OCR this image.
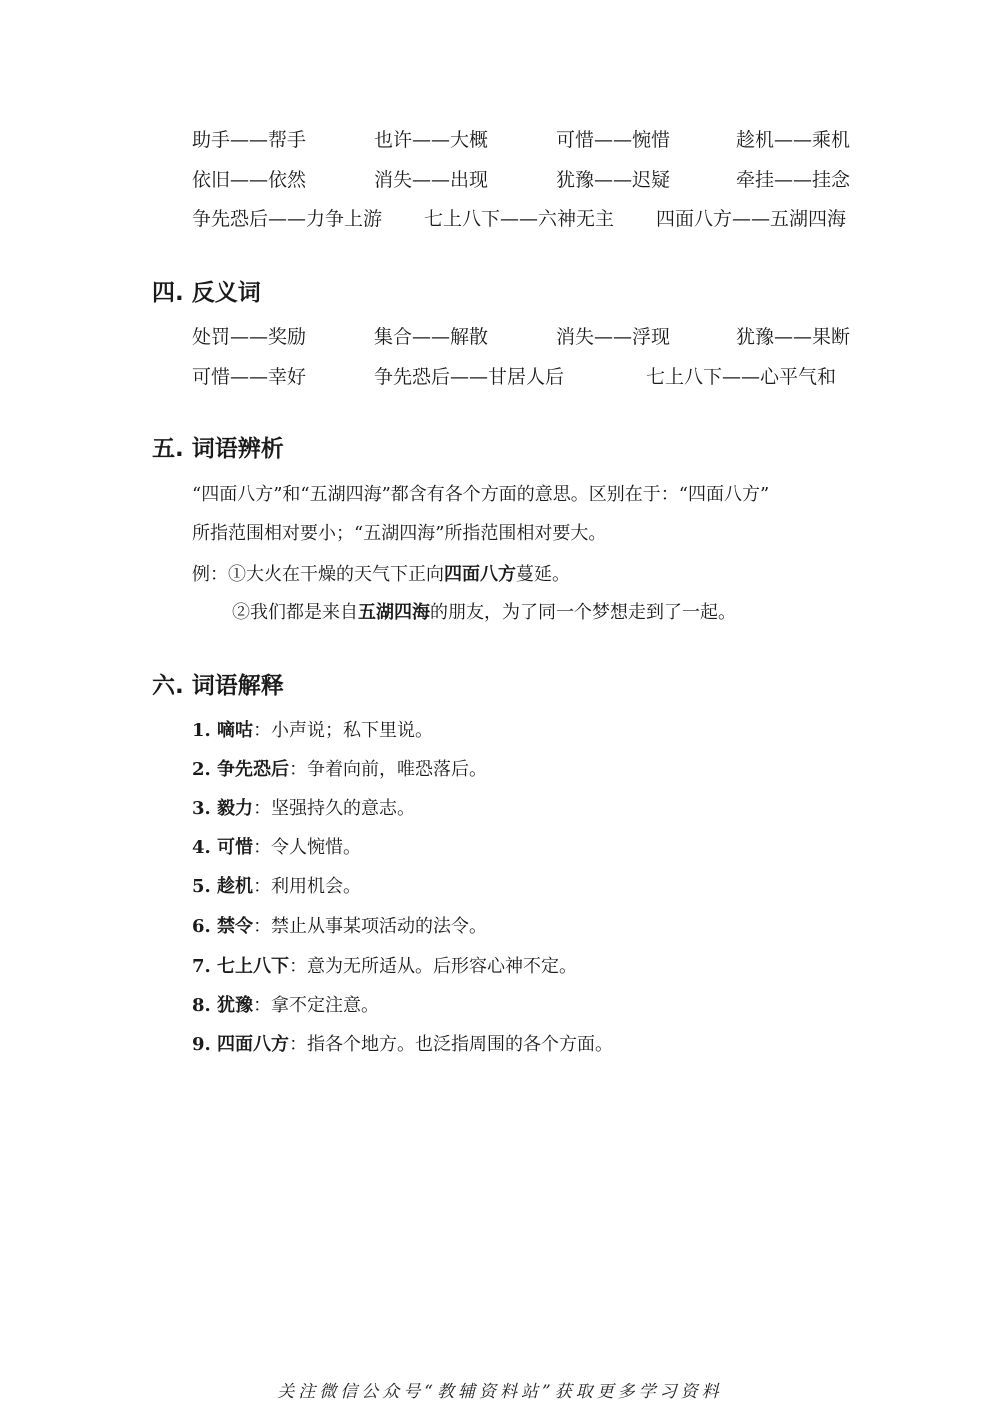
助手——帮手	也许——大概	可惜——惋惜	趁机——乘机
依旧——依然	消失——出现	犹豫——迟疑	牵挂——挂念
争先恐后——力争上游 七上八下——六神无主 四面八方——五湖四海
四. 反义词
处罚——奖励	集合——解散	消失——浮现	犹豫——果断
可惜——幸好	争先恐后——甘居人后	七上八下——心平气和
五. 词语辨析
“四面八方”和“五湖四海”都含有各个方面的意思。区别在于：“四面八方”
所指范围相对要小；“五湖四海”所指范围相对要大。
例：①大火在干燥的天气下正向四面八方蔓延。
②我们都是来自五湖四海的朋友，为了同一个梦想走到了一起。
六. 词语解释
1. 嘀咕：小声说；私下里说。
2. 争先恐后：争着向前，唯恐落后。
3. 毅力：坚强持久的意志。
4. 可惜：令人惋惜。
5. 趁机：利用机会。
6. 禁令：禁止从事某项活动的法令。
7. 七上八下：意为无所适从。后形容心神不定。
8. 犹豫：拿不定注意。
9. 四面八方：指各个地方。也泛指周围的各个方面。
关注微信公众号“教辅资料站”获取更多学习资料
